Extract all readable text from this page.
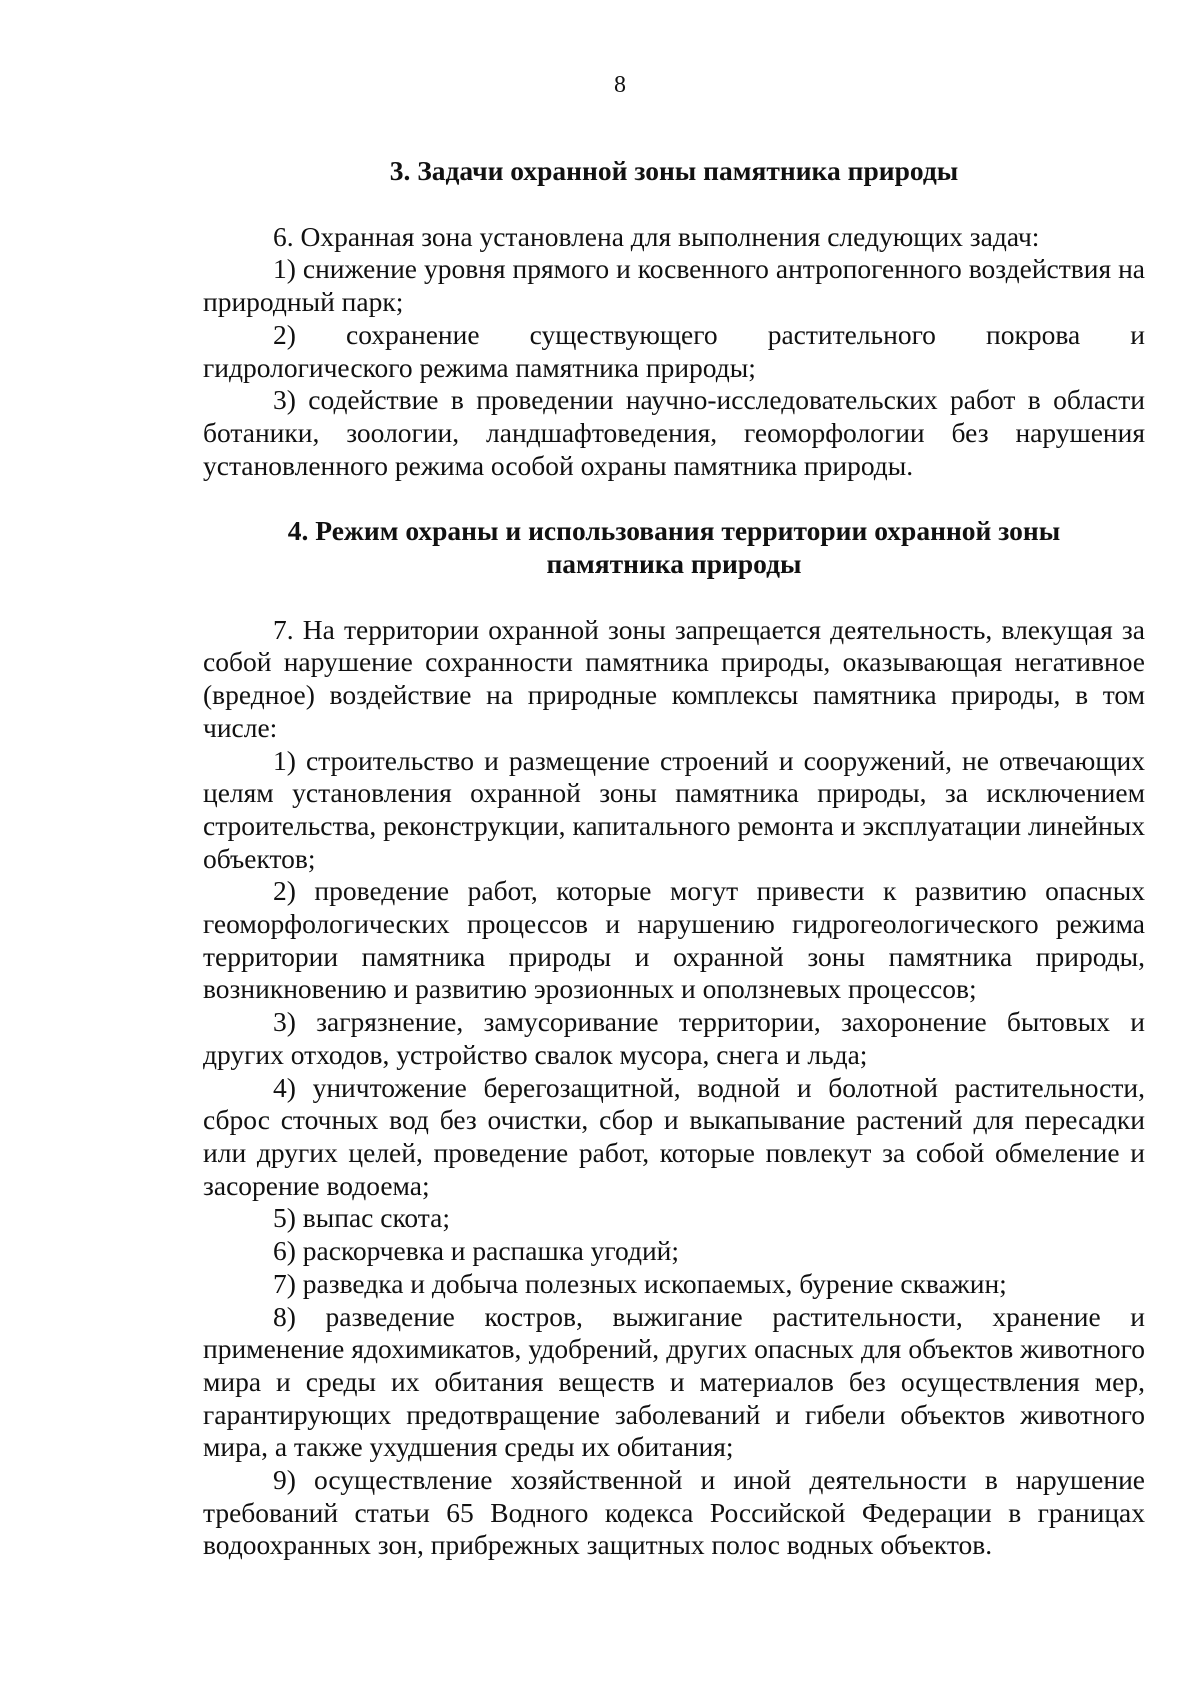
8
3. Задачи охранной зоны памятника природы

6. Охранная зона установлена для выполнения следующих задач:

1) снижение уровня прямого и косвенного антропогенного воздействия на природный парк;

2) сохранение существующего растительного покрова и гидрологического режима памятника природы;

3) содействие в проведении научно-исследовательских работ в области ботаники, зоологии, ландшафтоведения, геоморфологии без нарушения установленного режима особой охраны памятника природы.

4. Режим охраны и использования территории охранной зоны
памятника природы

7. На территории охранной зоны запрещается деятельность, влекущая за собой нарушение сохранности памятника природы, оказывающая негативное (вредное) воздействие на природные комплексы памятника природы, в том числе:

1) строительство и размещение строений и сооружений, не отвечающих целям установления охранной зоны памятника природы, за исключением строительства, реконструкции, капитального ремонта и эксплуатации линейных объектов;

2) проведение работ, которые могут привести к развитию опасных геоморфологических процессов и нарушению гидрогеологического режима территории памятника природы и охранной зоны памятника природы, возникновению и развитию эрозионных и оползневых процессов;

3) загрязнение, замусоривание территории, захоронение бытовых и других отходов, устройство свалок мусора, снега и льда;

4) уничтожение берегозащитной, водной и болотной растительности, сброс сточных вод без очистки, сбор и выкапывание растений для пересадки или других целей, проведение работ, которые повлекут за собой обмеление и засорение водоема;

5) выпас скота;

6) раскорчевка и распашка угодий;

7) разведка и добыча полезных ископаемых, бурение скважин;

8) разведение костров, выжигание растительности, хранение и применение ядохимикатов, удобрений, других опасных для объектов животного мира и среды их обитания веществ и материалов без осуществления мер, гарантирующих предотвращение заболеваний и гибели объектов животного мира, а также ухудшения среды их обитания;

9) осуществление хозяйственной и иной деятельности в нарушение требований статьи 65 Водного кодекса Российской Федерации в границах водоохранных зон, прибрежных защитных полос водных объектов.
